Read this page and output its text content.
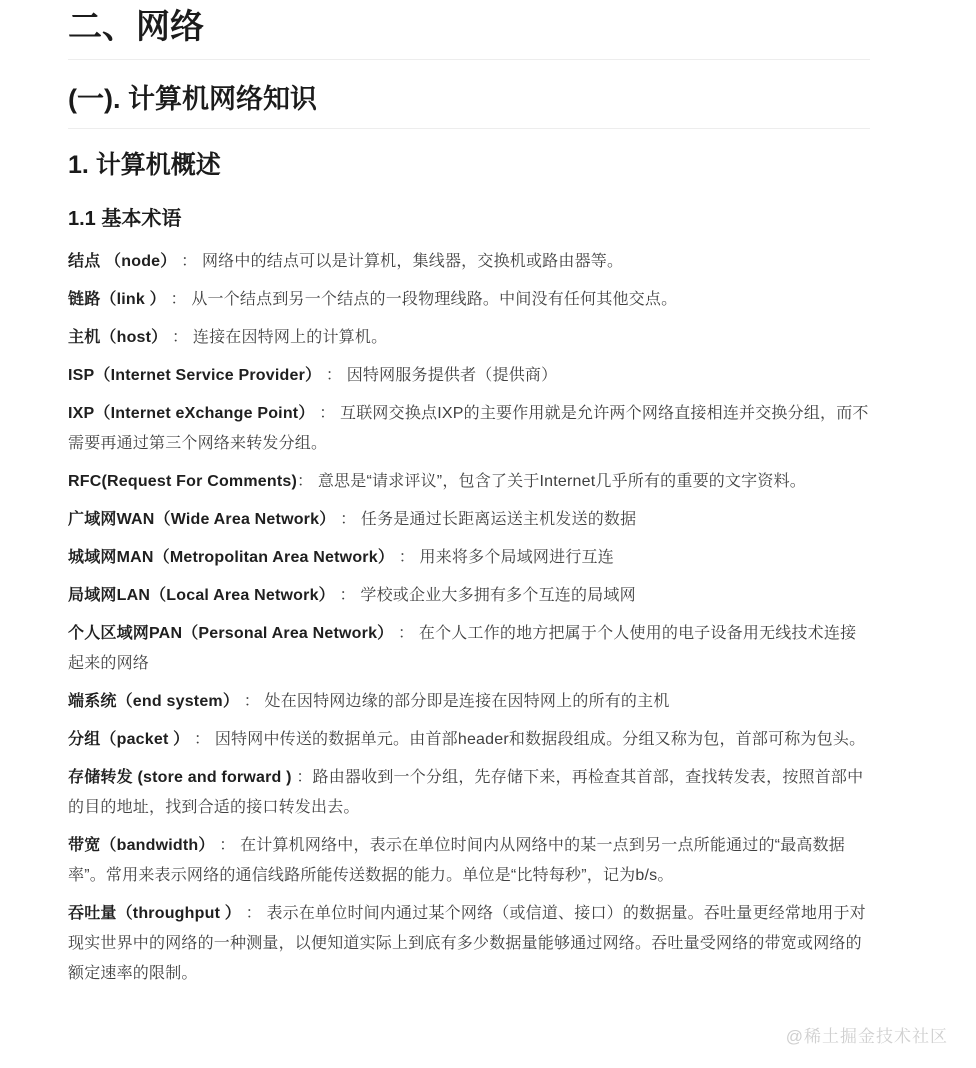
二、网络
(一). 计算机网络知识
1. 计算机概述
1.1 基本术语

结点 （node） ： 网络中的结点可以是计算机，集线器，交换机或路由器等。

链路（link ） ： 从一个结点到另一个结点的一段物理线路。中间没有任何其他交点。

主机（host） ： 连接在因特网上的计算机。

ISP（Internet Service Provider） ： 因特网服务提供者（提供商）

IXP（Internet eXchange Point） ： 互联网交换点IXP的主要作用就是允许两个网络直接相连并交换分组，而不需要再通过第三个网络来转发分组。

RFC(Request For Comments)： 意思是“请求评议”，包含了关于Internet几乎所有的重要的文字资料。

广域网WAN（Wide Area Network） ： 任务是通过长距离运送主机发送的数据

城域网MAN（Metropolitan Area Network） ： 用来将多个局域网进行互连

局域网LAN（Local Area Network） ： 学校或企业大多拥有多个互连的局域网

个人区域网PAN（Personal Area Network） ： 在个人工作的地方把属于个人使用的电子设备用无线技术连接起来的网络

端系统（end system） ： 处在因特网边缘的部分即是连接在因特网上的所有的主机

分组（packet ） ： 因特网中传送的数据单元。由首部header和数据段组成。分组又称为包，首部可称为包头。

存储转发 (store and forward ) ：路由器收到一个分组，先存储下来，再检查其首部，查找转发表，按照首部中的目的地址，找到合适的接口转发出去。

带宽（bandwidth） ： 在计算机网络中，表示在单位时间内从网络中的某一点到另一点所能通过的“最高数据率”。常用来表示网络的通信线路所能传送数据的能力。单位是“比特每秒”，记为b/s。

吞吐量（throughput ） ： 表示在单位时间内通过某个网络（或信道、接口）的数据量。吞吐量更经常地用于对现实世界中的网络的一种测量，以便知道实际上到底有多少数据量能够通过网络。吞吐量受网络的带宽或网络的额定速率的限制。

@稀土掘金技术社区
